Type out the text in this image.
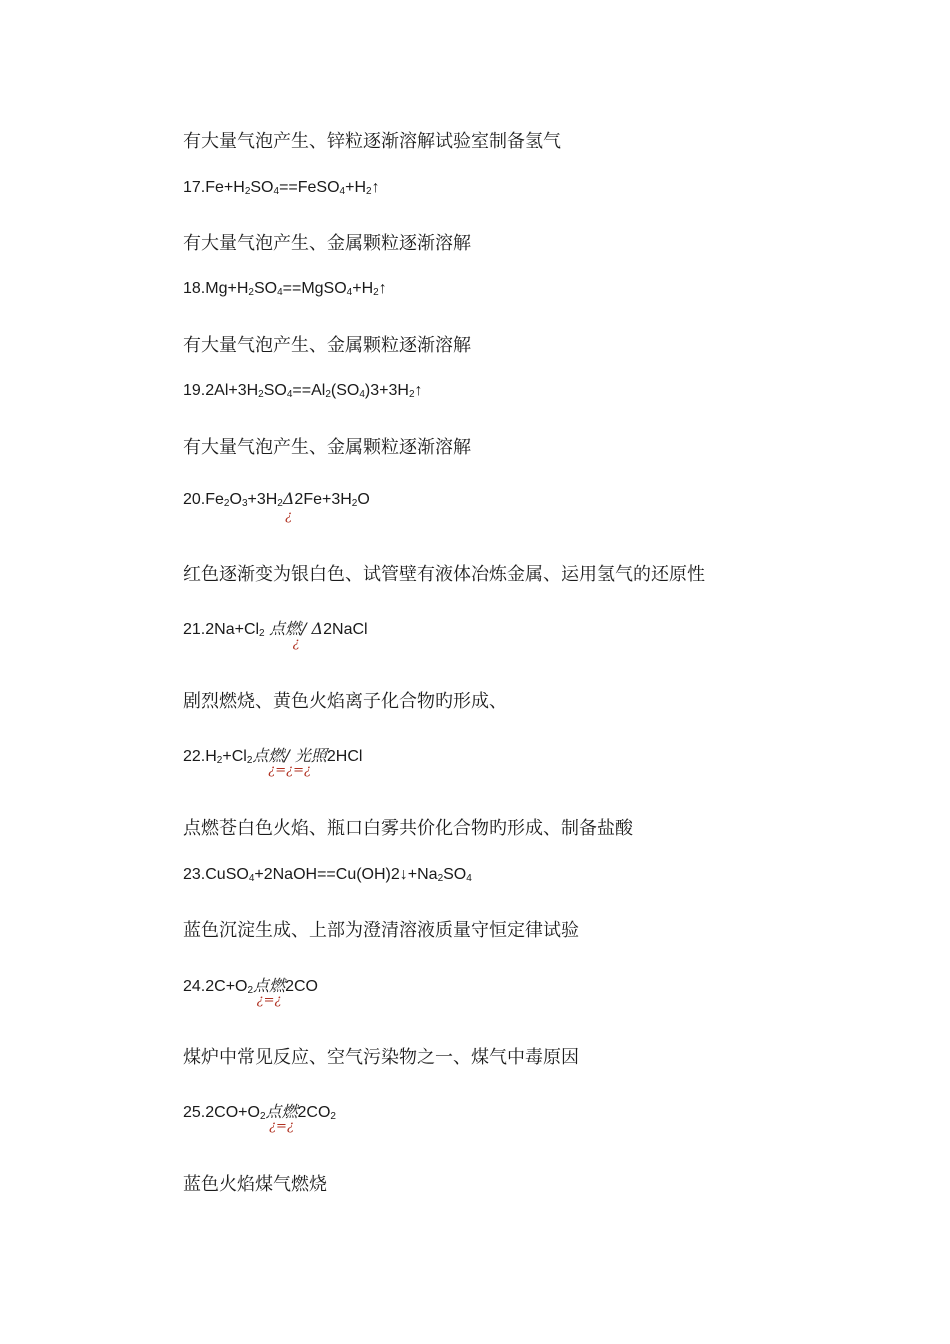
有大量气泡产生、锌粒逐渐溶解试验室制备氢气
$17.Fe+H_2SO_4==FeSO_4+H_2↑$
有大量气泡产生、金属颗粒逐渐溶解
$18.Mg+H_2SO_4==MgSO_4+H_2↑$
有大量气泡产生、金属颗粒逐渐溶解
$19.2Al+3H_2SO_4==Al_2(SO_4)3+3H_2↑$
有大量气泡产生、金属颗粒逐渐溶解
$20.Fe_2O_3+3H_2\Delta$
¿
$2Fe+3H_2O$
红色逐渐变为银白色、试管壁有液体冶炼金属、运用氢气的还原性
$21.2Na+Cl_2$ 点燃/ Δ
¿
2NaCl
剧烈燃烧、黄色火焰离子化合物旳形成、
$22.H_2+Cl_2$点燃/ 光照
¿=¿=¿
2HCl
点燃苍白色火焰、瓶口白雾共价化合物旳形成、制备盐酸
$23.CuSO_4+2NaOH==Cu(OH)2↓+Na_2SO_4$
蓝色沉淀生成、上部为澄清溶液质量守恒定律试验
$24.2C+O_2$点燃
¿=¿
2CO
煤炉中常见反应、空气污染物之一、煤气中毒原因
$25.2CO+O_2$点燃
¿=¿
$2CO_2$
蓝色火焰煤气燃烧
